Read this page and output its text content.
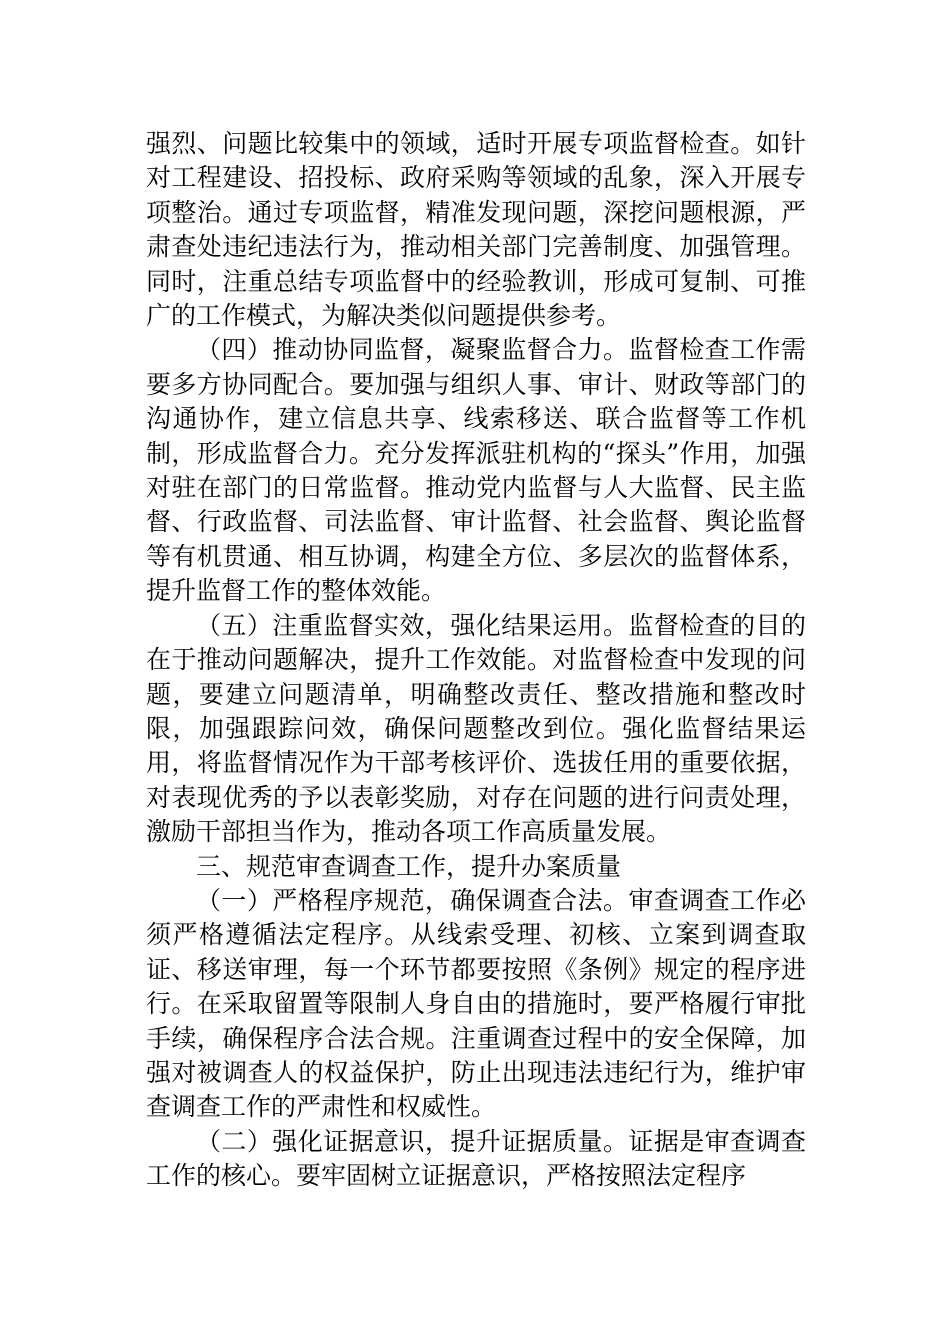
强烈、问题比较集中的领域，适时开展专项监督检查。如针对工程建设、招投标、政府采购等领域的乱象，深入开展专项整治。通过专项监督，精准发现问题，深挖问题根源，严肃查处违纪违法行为，推动相关部门完善制度、加强管理。同时，注重总结专项监督中的经验教训，形成可复制、可推广的工作模式，为解决类似问题提供参考。

（四）推动协同监督，凝聚监督合力。监督检查工作需要多方协同配合。要加强与组织人事、审计、财政等部门的沟通协作，建立信息共享、线索移送、联合监督等工作机制，形成监督合力。充分发挥派驻机构的“探头”作用，加强对驻在部门的日常监督。推动党内监督与人大监督、民主监督、行政监督、司法监督、审计监督、社会监督、舆论监督等有机贯通、相互协调，构建全方位、多层次的监督体系，提升监督工作的整体效能。

（五）注重监督实效，强化结果运用。监督检查的目的在于推动问题解决，提升工作效能。对监督检查中发现的问题，要建立问题清单，明确整改责任、整改措施和整改时限，加强跟踪问效，确保问题整改到位。强化监督结果运用，将监督情况作为干部考核评价、选拔任用的重要依据，对表现优秀的予以表彰奖励，对存在问题的进行问责处理，激励干部担当作为，推动各项工作高质量发展。

三、规范审查调查工作，提升办案质量

（一）严格程序规范，确保调查合法。审查调查工作必须严格遵循法定程序。从线索受理、初核、立案到调查取证、移送审理，每一个环节都要按照《条例》规定的程序进行。在采取留置等限制人身自由的措施时，要严格履行审批手续，确保程序合法合规。注重调查过程中的安全保障，加强对被调查人的权益保护，防止出现违法违纪行为，维护审查调查工作的严肃性和权威性。

（二）强化证据意识，提升证据质量。证据是审查调查工作的核心。要牢固树立证据意识，严格按照法定程序
